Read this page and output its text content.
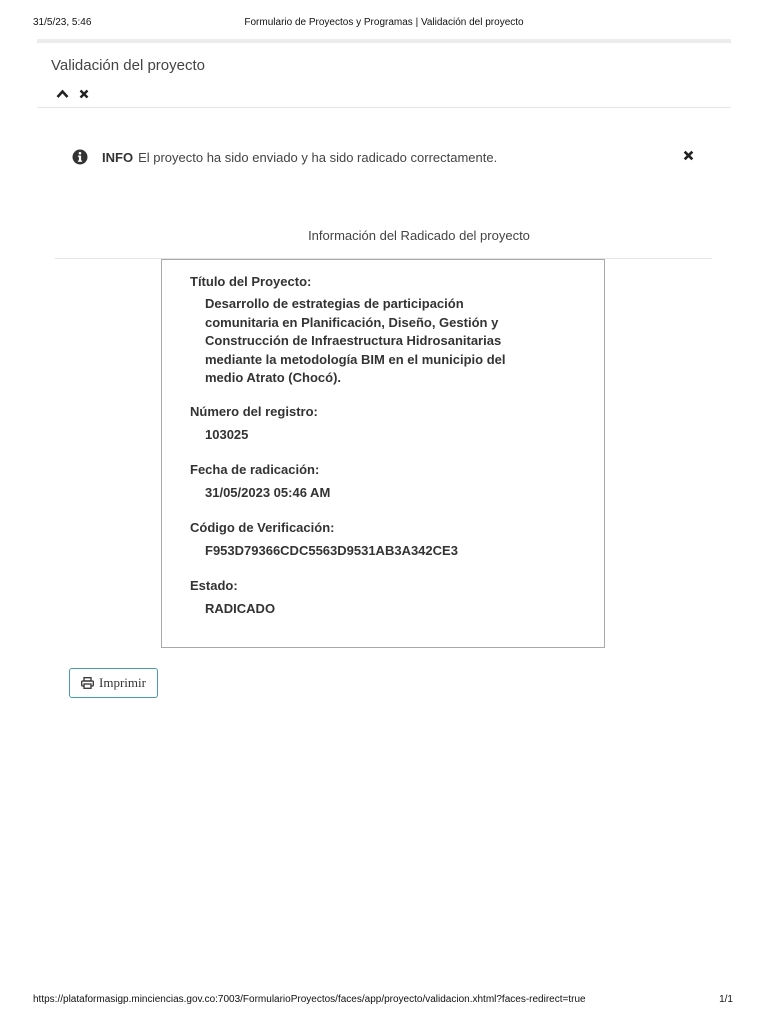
31/5/23, 5:46	Formulario de Proyectos y Programas | Validación del proyecto
Validación del proyecto
INFO El proyecto ha sido enviado y ha sido radicado correctamente.
Información del Radicado del proyecto
Título del Proyecto:
Desarrollo de estrategias de participación
comunitaria en Planificación, Diseño, Gestión y
Construcción de Infraestructura Hidrosanitarias
mediante la metodología BIM en el municipio del
medio Atrato (Chocó).
Número del registro:
103025
Fecha de radicación:
31/05/2023 05:46 AM
Código de Verificación:
F953D79366CDC5563D9531AB3A342CE3
Estado:
RADICADO
Imprimir
https://plataformasigp.minciencias.gov.co:7003/FormularioProyectos/faces/app/proyecto/validacion.xhtml?faces-redirect=true	1/1
